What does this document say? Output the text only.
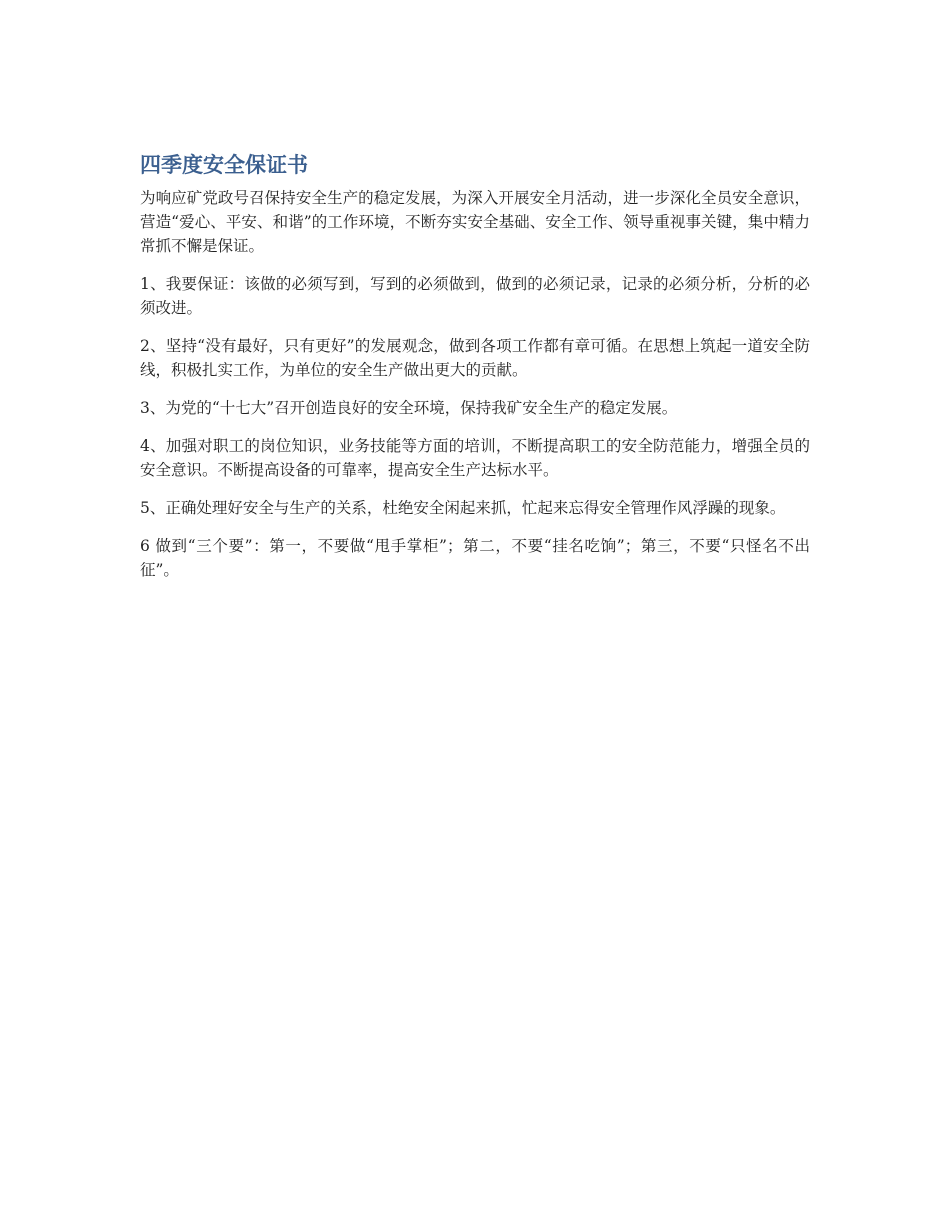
四季度安全保证书

为响应矿党政号召保持安全生产的稳定发展，为深入开展安全月活动，进一步深化全员安全意识，营造“爱心、平安、和谐”的工作环境，不断夯实安全基础、安全工作、领导重视事关键，集中精力常抓不懈是保证。

1、我要保证：该做的必须写到，写到的必须做到，做到的必须记录，记录的必须分析，分析的必须改进。

2、坚持“没有最好，只有更好”的发展观念，做到各项工作都有章可循。在思想上筑起一道安全防线，积极扎实工作，为单位的安全生产做出更大的贡献。

3、为党的“十七大”召开创造良好的安全环境，保持我矿安全生产的稳定发展。

4、加强对职工的岗位知识，业务技能等方面的培训，不断提高职工的安全防范能力，增强全员的安全意识。不断提高设备的可靠率，提高安全生产达标水平。

5、正确处理好安全与生产的关系，杜绝安全闲起来抓，忙起来忘得安全管理作风浮躁的现象。

6 做到“三个要”：第一，不要做“甩手掌柜”；第二，不要“挂名吃饷”；第三，不要“只怪名不出征”。
